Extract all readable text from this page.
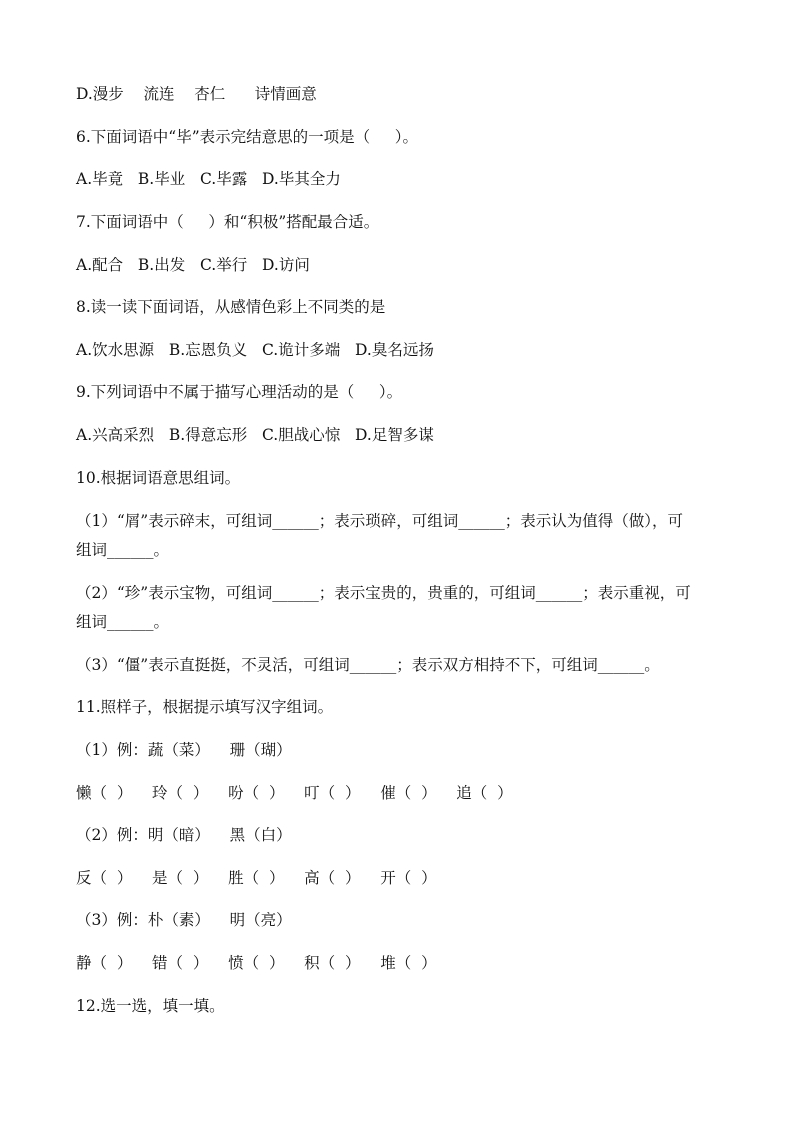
D.漫步    流连    杏仁      诗情画意
6.下面词语中“毕”表示完结意思的一项是（     ）。
A.毕竟   B.毕业   C.毕露   D.毕其全力
7.下面词语中（     ）和“积极”搭配最合适。
A.配合   B.出发   C.举行   D.访问
8.读一读下面词语，从感情色彩上不同类的是
A.饮水思源   B.忘恩负义   C.诡计多端   D.臭名远扬
9.下列词语中不属于描写心理活动的是（     ）。
A.兴高采烈   B.得意忘形   C.胆战心惊   D.足智多谋
10.根据词语意思组词。
（1）“屑”表示碎末，可组词______；表示琐碎，可组词______；表示认为值得（做），可
组词______。
（2）“珍”表示宝物，可组词______；表示宝贵的，贵重的，可组词______；表示重视，可
组词______。
（3）“僵”表示直挺挺，不灵活，可组词______；表示双方相持不下，可组词______。
11.照样子，根据提示填写汉字组词。
（1）例：蔬（菜）    珊（瑚）
懒（  ）    玲（  ）    吩（  ）    叮（  ）    催（  ）    追（  ）
（2）例：明（暗）    黑（白）
反（  ）    是（  ）    胜（  ）    高（  ）    开（  ）
（3）例：朴（素）    明（亮）
静（  ）    错（  ）    愤（  ）    积（  ）    堆（  ）
12.选一选，填一填。
